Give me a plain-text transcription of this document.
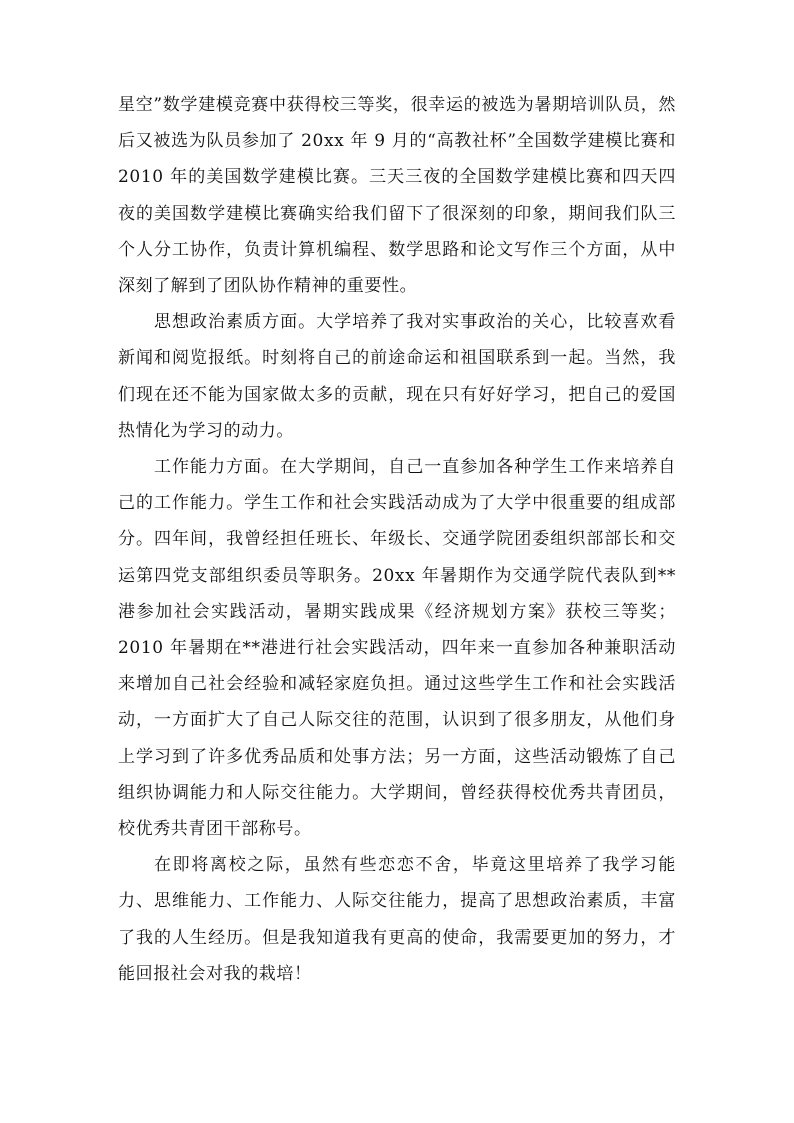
星空”数学建模竞赛中获得校三等奖，很幸运的被选为暑期培训队员，然后又被选为队员参加了 20xx 年 9 月的“高教社杯”全国数学建模比赛和 2010 年的美国数学建模比赛。三天三夜的全国数学建模比赛和四天四夜的美国数学建模比赛确实给我们留下了很深刻的印象，期间我们队三个人分工协作，负责计算机编程、数学思路和论文写作三个方面，从中深刻了解到了团队协作精神的重要性。

思想政治素质方面。大学培养了我对实事政治的关心，比较喜欢看新闻和阅览报纸。时刻将自己的前途命运和祖国联系到一起。当然，我们现在还不能为国家做太多的贡献，现在只有好好学习，把自己的爱国热情化为学习的动力。

工作能力方面。在大学期间，自己一直参加各种学生工作来培养自己的工作能力。学生工作和社会实践活动成为了大学中很重要的组成部分。四年间，我曾经担任班长、年级长、交通学院团委组织部部长和交运第四党支部组织委员等职务。20xx 年暑期作为交通学院代表队到**港参加社会实践活动，暑期实践成果《经济规划方案》获校三等奖；2010 年暑期在**港进行社会实践活动，四年来一直参加各种兼职活动来增加自己社会经验和减轻家庭负担。通过这些学生工作和社会实践活动，一方面扩大了自己人际交往的范围，认识到了很多朋友，从他们身上学习到了许多优秀品质和处事方法；另一方面，这些活动锻炼了自己组织协调能力和人际交往能力。大学期间，曾经获得校优秀共青团员，校优秀共青团干部称号。

在即将离校之际，虽然有些恋恋不舍，毕竟这里培养了我学习能力、思维能力、工作能力、人际交往能力，提高了思想政治素质，丰富了我的人生经历。但是我知道我有更高的使命，我需要更加的努力，才能回报社会对我的栽培！
